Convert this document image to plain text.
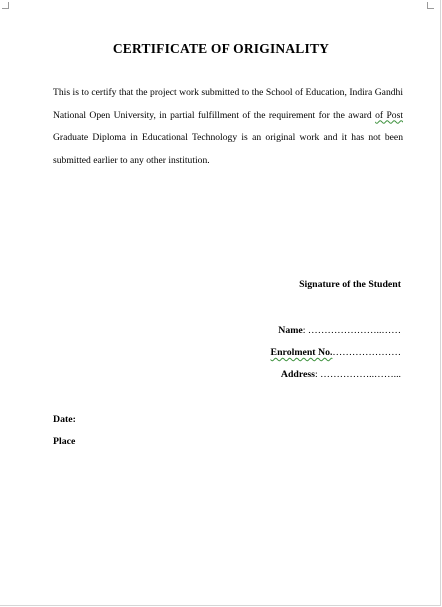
CERTIFICATE OF ORIGINALITY
This is to certify that the project work submitted to the School of Education, Indira Gandhi National Open University, in partial fulfillment of the requirement for the award of Post Graduate Diploma in Educational Technology is an original work and it has not been submitted earlier to any other institution.
Signature of the Student
Name: …………………..……
Enrolment No.…………………
Address: ……………..……...
Date:
Place
